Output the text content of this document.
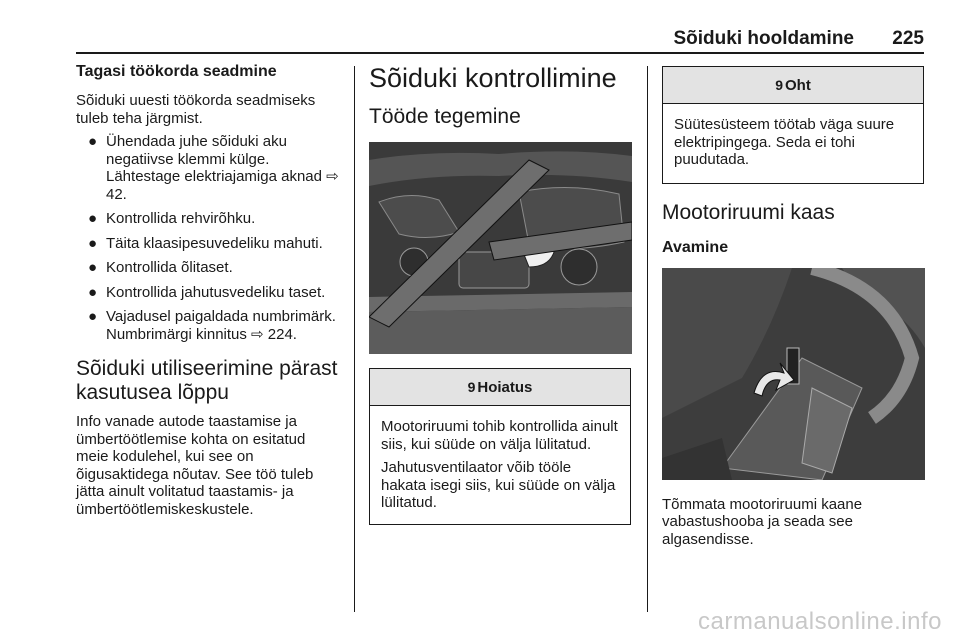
Sõiduki hooldamine 225
Tagasi töökorda seadmine

Sõiduki uuesti töökorda seadmiseks tuleb teha järgmist.

● Ühendada juhe sõiduki aku negatiivse klemmi külge. Lähtestage elektriajamiga aknad ⇨ 42.
● Kontrollida rehvirõhku.
● Täita klaasipesuvedeliku mahuti.
● Kontrollida õlitaset.
● Kontrollida jahutusvedeliku taset.
● Vajadusel paigaldada numbrimärk. Numbrimärgi kinnitus ⇨ 224.
Sõiduki utiliseerimine pärast kasutusea lõppu

Info vanade autode taastamise ja ümbertöötlemise kohta on esitatud meie kodulehel, kui see on õigusaktidega nõutav. See töö tuleb jätta ainult volitatud taastamis- ja ümbertöötlemiskeskustele.

Sõiduki kontrollimine
Tööde tegemine
9 Hoiatus

Mootoriruumi tohib kontrollida ainult siis, kui süüde on välja lülitatud.

Jahutusventilaator võib tööle hakata isegi siis, kui süüde on välja lülitatud.

9 Oht

Süütesüsteem töötab väga suure elektripingega. Seda ei tohi puudutada.

Mootoriruumi kaas
Avamine

Tõmmata mootoriruumi kaane vabastushooba ja seada see algasendisse.

carmanualsonline.info
